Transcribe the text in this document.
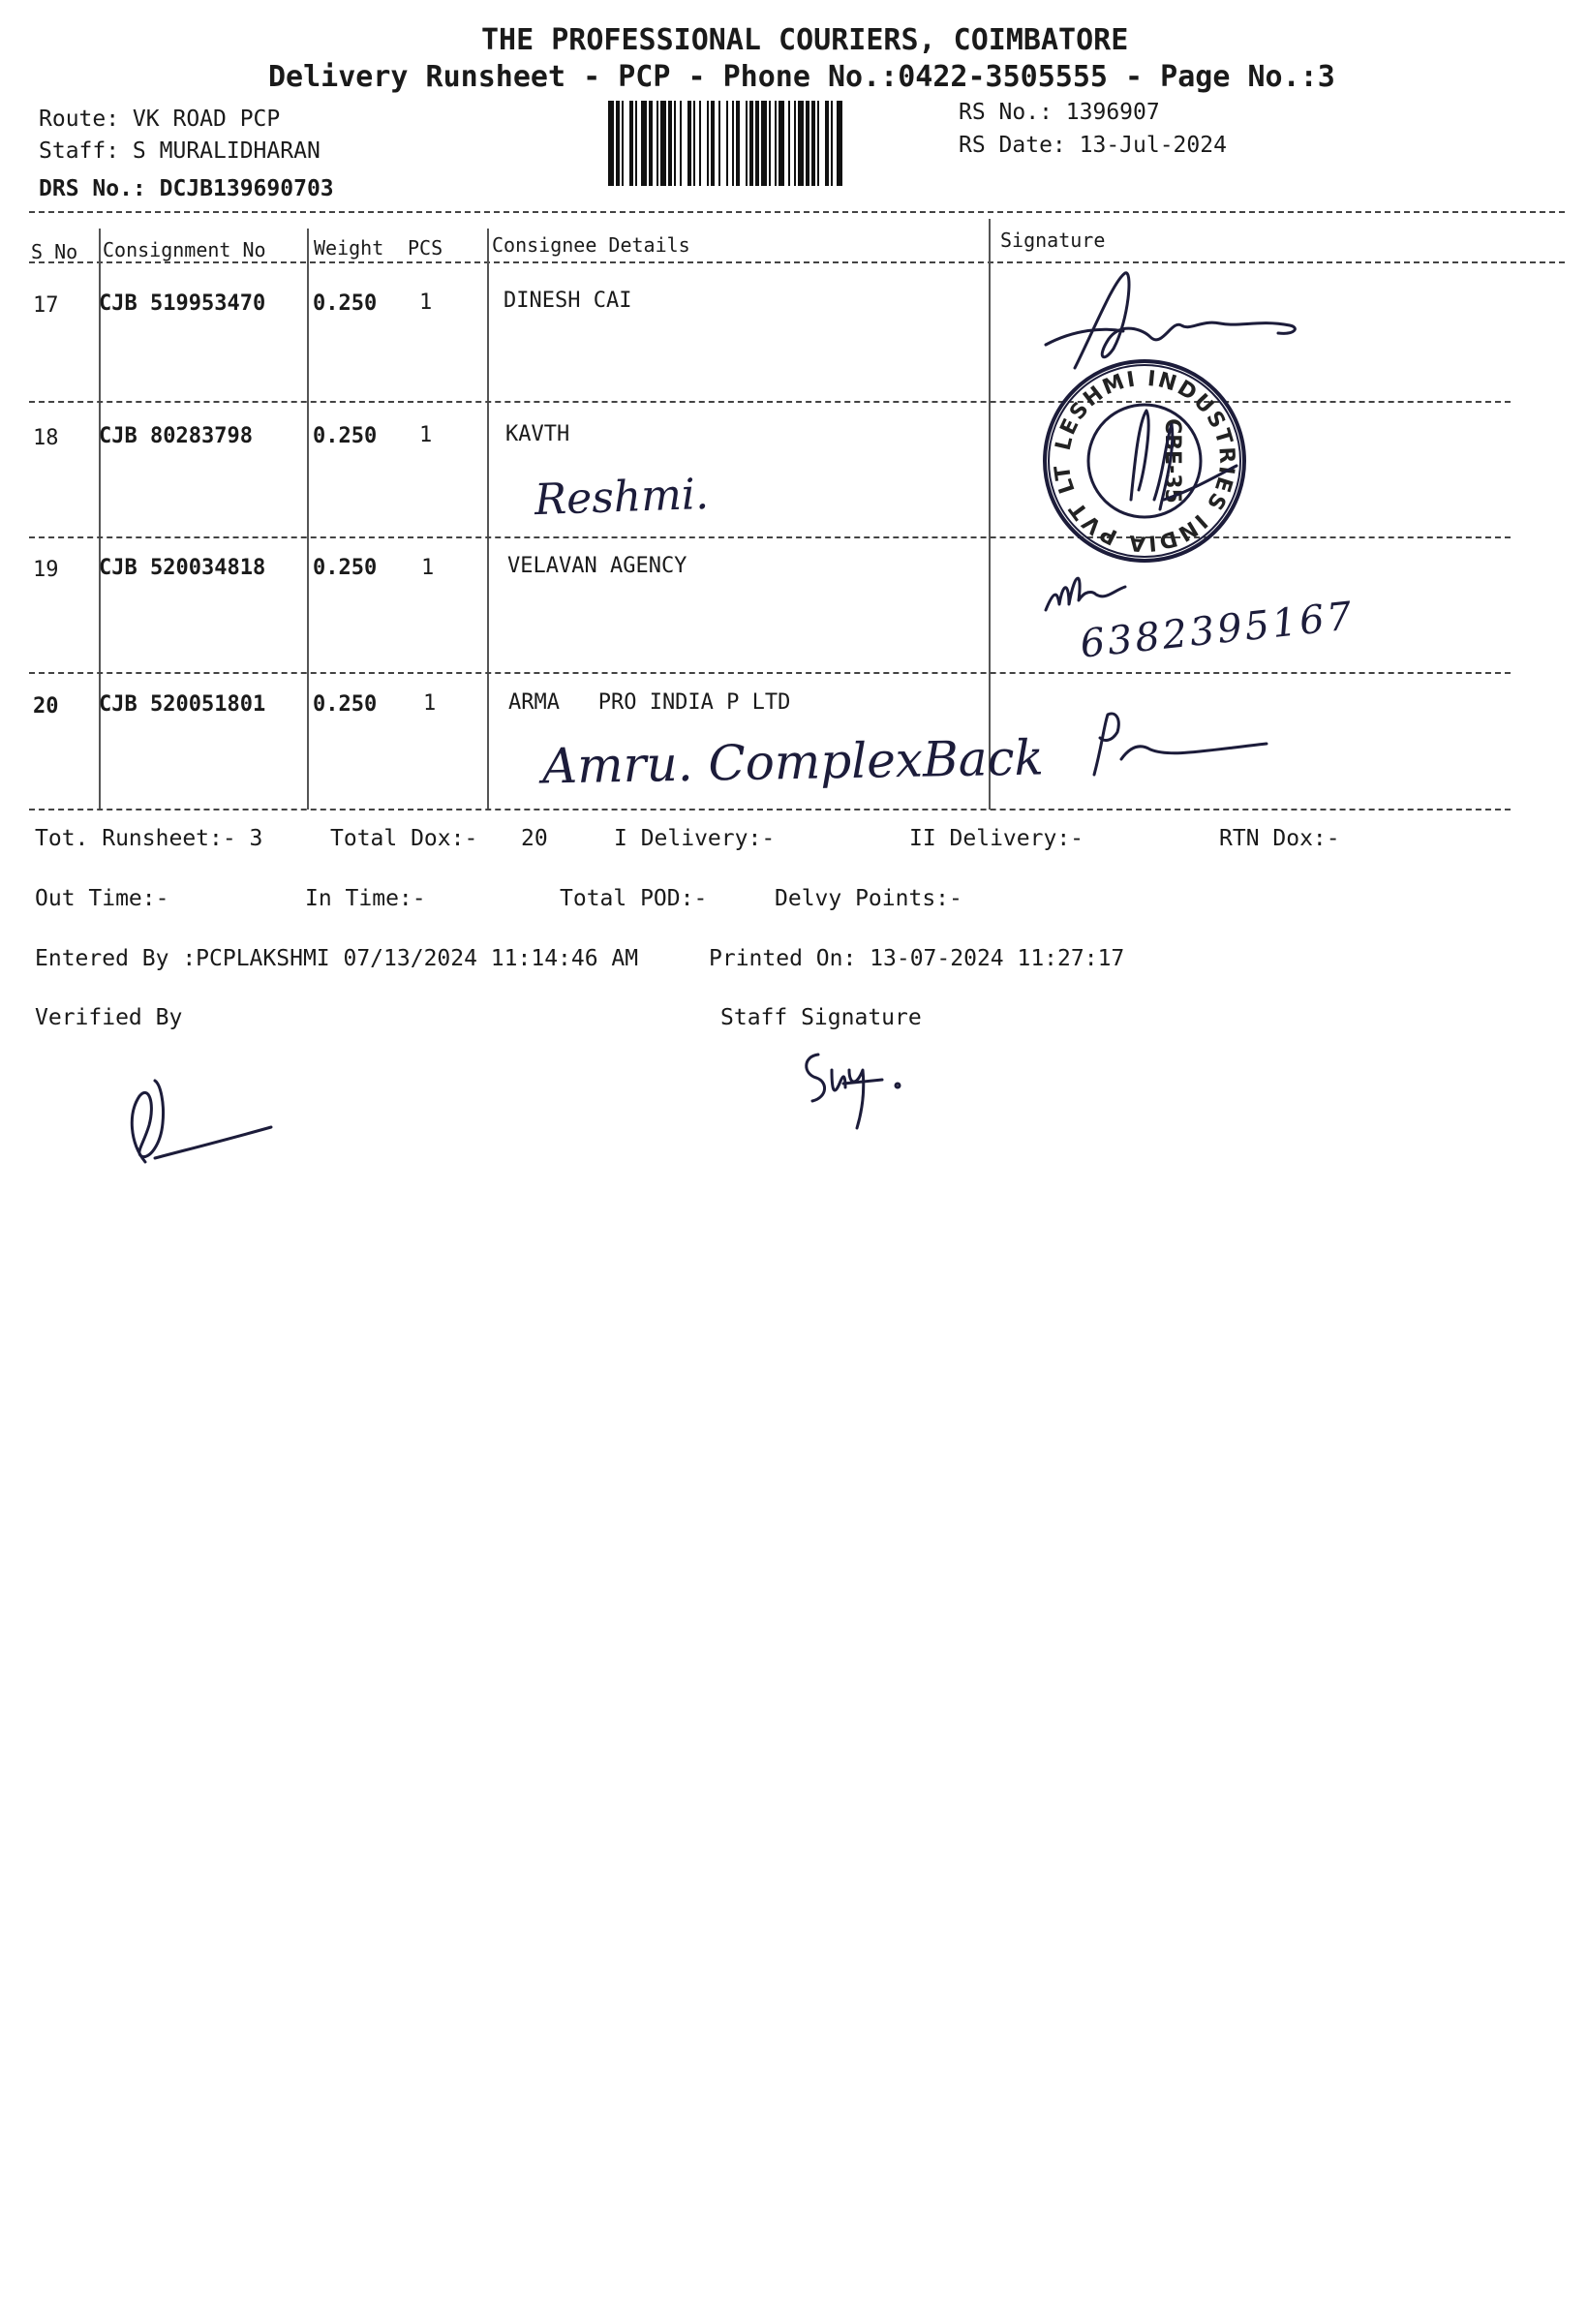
THE PROFESSIONAL COURIERS, COIMBATORE
Delivery Runsheet - PCP - Phone No.:0422-3505555 - Page No.:3
Route: VK ROAD PCP
Staff: S MURALIDHARAN
DRS No.: DCJB139690703
RS No.: 1396907
RS Date: 13-Jul-2024
S No Consignment No Weight PCS	Consignee Details	Signature
17 CJB 519953470 0.250 1	DINESH CAI
18 CJB 80283798	0.250 1	KAVTH
Reshmi.
19 CJB 520034818 0.250 1	VELAVAN AGENCY
20 CJB 520051801 0.250 1	ARMA   PRO INDIA P LTD
Amru. ComplexBack
LESHMI INDUSTRIES INDIA PVT LTD
CBE-35
6382395167
Tot. Runsheet:- 3	Total Dox:- 20	I Delivery:-	II Delivery:-	RTN Dox:-
Out Time:-	In Time:-	Total POD:-	Delvy Points:-
Entered By :PCPLAKSHMI 07/13/2024 11:14:46 AM	Printed On: 13-07-2024 11:27:17
Verified By	Staff Signature
